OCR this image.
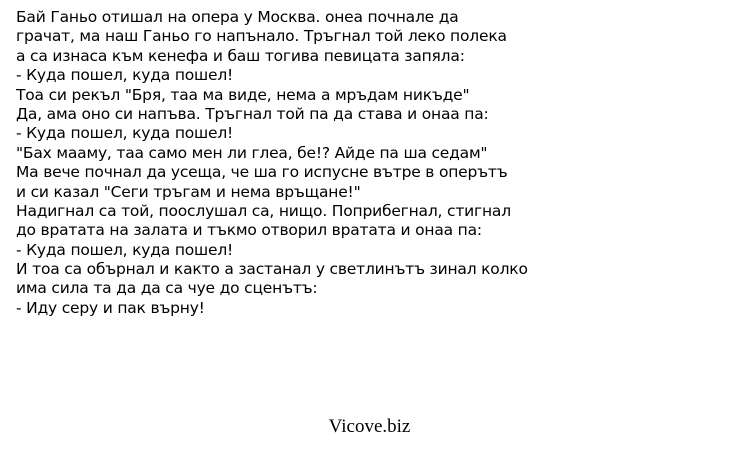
Бай Ганьо отишал на опера у Москва. онеа почнале да
грачат, ма наш Ганьо го напънало. Тръгнал той леко полека
а са изнаса към кенефа и баш тогива певицата запяла:
- Куда пошел, куда пошел!
Тоа си рекъл "Бря, таа ма виде, нема а мръдам никъде"
Да, ама оно си напъва. Тръгнал той па да става и онаа па:
- Куда пошел, куда пошел!
"Бах маамy, таа само мен ли глеа, бе!? Айде па ша седам"
Ма вече почнал да усеща, че ша го испусне вътре в оперътъ
и си казал "Сеги тръгам и нема връщане!"
Надигнал са той, пооcлушал са, нищо. Поприбегнал, стигнал
до вратата на залата и тъкмо отворил вратата и онаа па:
- Куда пошел, куда пошел!
И тоа са обърнал и както а застанал у светлинътъ зинал колко
има сила та да да са чуе до сценътъ:
- Иду серу и пак върну!
Vicove.biz
